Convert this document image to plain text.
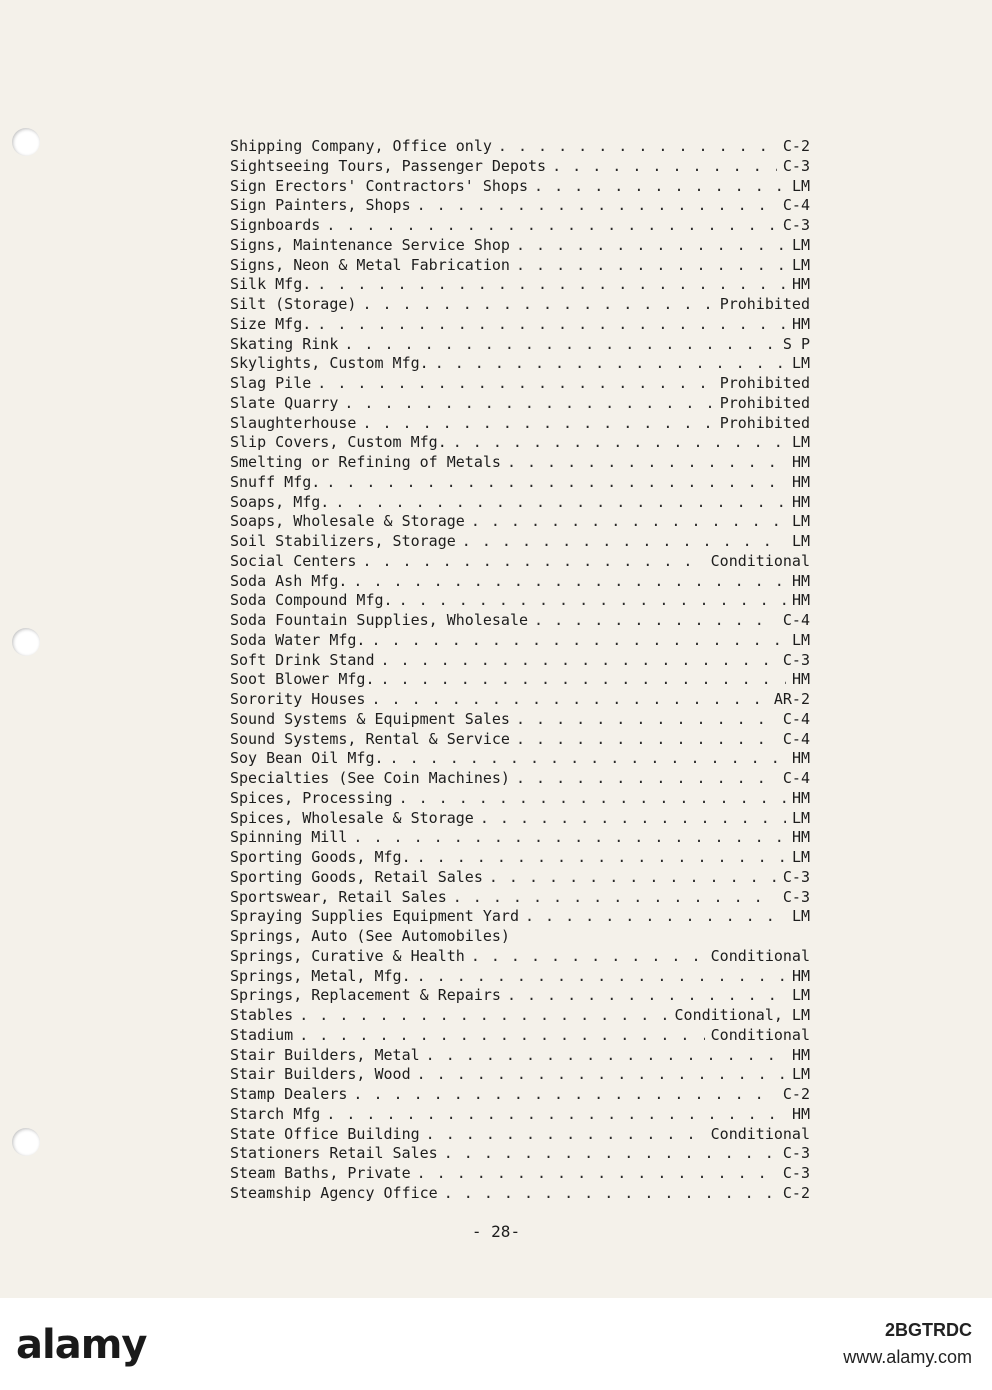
Shipping Company, Office only . . .	C-2
Sightseeing Tours, Passenger Depots . . .	C-3
Sign Erectors' Contractors' Shops . . .	LM
Sign Painters, Shops . . .	C-4
Signboards . . .	C-3
Signs, Maintenance Service Shop . . .	LM
Signs, Neon & Metal Fabrication . . .	LM
Silk Mfg. . . .	HM
Silt (Storage) . . .	Prohibited
Size Mfg. . . .	HM
Skating Rink . . .	S P
Skylights, Custom Mfg. . . .	LM
Slag Pile . . .	Prohibited
Slate Quarry . . .	Prohibited
Slaughterhouse . . .	Prohibited
Slip Covers, Custom Mfg. . . .	LM
Smelting or Refining of Metals . . .	HM
Snuff Mfg. . . .	HM
Soaps, Mfg. . . .	HM
Soaps, Wholesale & Storage . . .	LM
Soil Stabilizers, Storage . . .	LM
Social Centers . . .	Conditional
Soda Ash Mfg. . . .	HM
Soda Compound Mfg. . . .	HM
Soda Fountain Supplies, Wholesale . . .	C-4
Soda Water Mfg. . . .	LM
Soft Drink Stand . . .	C-3
Soot Blower Mfg. . . .	HM
Sorority Houses . . .	AR-2
Sound Systems & Equipment Sales . . .	C-4
Sound Systems, Rental & Service . . .	C-4
Soy Bean Oil Mfg. . . .	HM
Specialties (See Coin Machines) . . .	C-4
Spices, Processing . . .	HM
Spices, Wholesale & Storage . . .	LM
Spinning Mill . . .	HM
Sporting Goods, Mfg. . . .	LM
Sporting Goods, Retail Sales . . .	C-3
Sportswear, Retail Sales . . .	C-3
Spraying Supplies Equipment Yard . . .	LM
Springs, Auto (See Automobiles)
Springs, Curative & Health . . .	Conditional
Springs, Metal, Mfg. . . .	HM
Springs, Replacement & Repairs . . .	LM
Stables . . .	Conditional, LM
Stadium . . .	Conditional
Stair Builders, Metal . . .	HM
Stair Builders, Wood . . .	LM
Stamp Dealers . . .	C-2
Starch Mfg . . .	HM
State Office Building . . .	Conditional
Stationers Retail Sales . . .	C-3
Steam Baths, Private . . .	C-3
Steamship Agency Office . . .	C-2
- 28-
alamy	2BGTRDC
www.alamy.com
